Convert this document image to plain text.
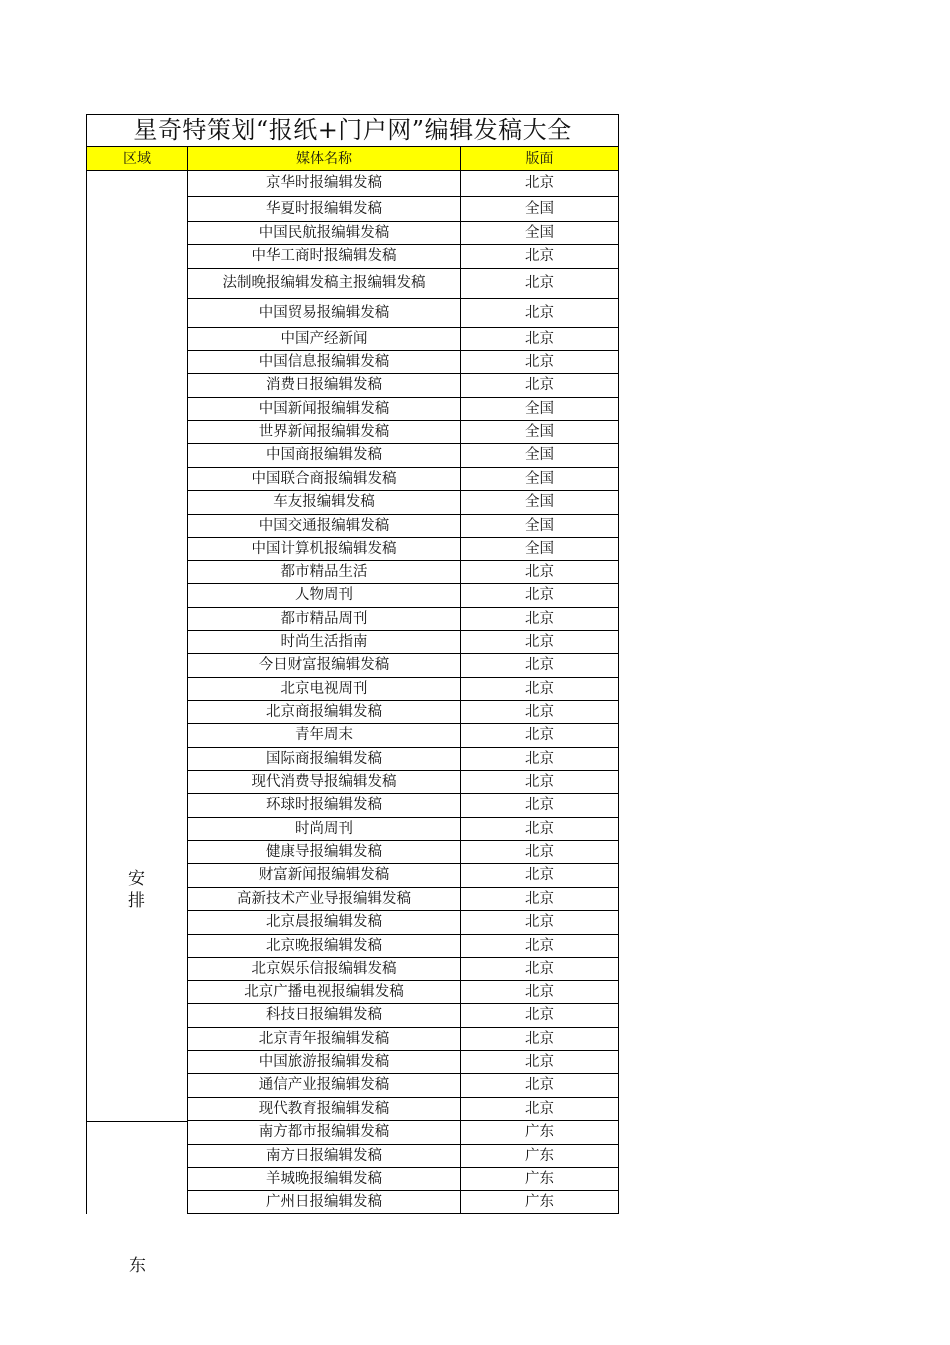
星奇特策划“报纸+门户网”编辑发稿大全
区域	媒体名称	版面
安
排
京华时报编辑发稿	北京
华夏时报编辑发稿	全国
中国民航报编辑发稿	全国
中华工商时报编辑发稿	北京
法制晚报编辑发稿主报编辑发稿	北京
中国贸易报编辑发稿	北京
中国产经新闻	北京
中国信息报编辑发稿	北京
消费日报编辑发稿	北京
中国新闻报编辑发稿	全国
世界新闻报编辑发稿	全国
中国商报编辑发稿	全国
中国联合商报编辑发稿	全国
车友报编辑发稿	全国
中国交通报编辑发稿	全国
中国计算机报编辑发稿	全国
都市精品生活	北京
人物周刊	北京
都市精品周刊	北京
时尚生活指南	北京
今日财富报编辑发稿	北京
北京电视周刊	北京
北京商报编辑发稿	北京
青年周末	北京
国际商报编辑发稿	北京
现代消费导报编辑发稿	北京
环球时报编辑发稿	北京
时尚周刊	北京
健康导报编辑发稿	北京
财富新闻报编辑发稿	北京
高新技术产业导报编辑发稿	北京
北京晨报编辑发稿	北京
北京晚报编辑发稿	北京
北京娱乐信报编辑发稿	北京
北京广播电视报编辑发稿	北京
科技日报编辑发稿	北京
北京青年报编辑发稿	北京
中国旅游报编辑发稿	北京
通信产业报编辑发稿	北京
现代教育报编辑发稿	北京
南方都市报编辑发稿	广东
南方日报编辑发稿	广东
羊城晚报编辑发稿	广东
广州日报编辑发稿	广东
东
